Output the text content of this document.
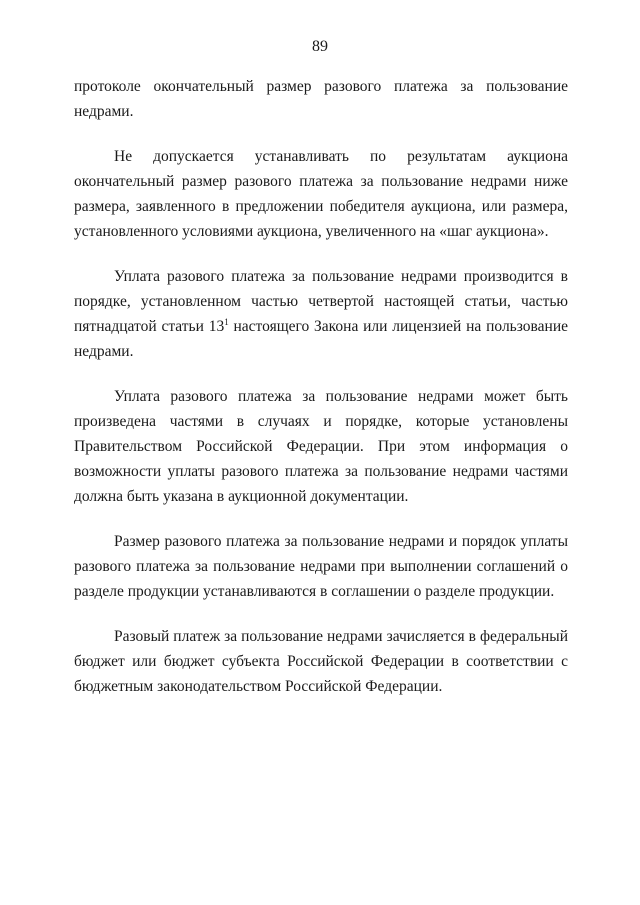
89

протоколе окончательный размер разового платежа за пользование недрами.

Не допускается устанавливать по результатам аукциона окончательный размер разового платежа за пользование недрами ниже размера, заявленного в предложении победителя аукциона, или размера, установленного условиями аукциона, увеличенного на «шаг аукциона».

Уплата разового платежа за пользование недрами производится в порядке, установленном частью четвертой настоящей статьи, частью пятнадцатой статьи $13^1$ настоящего Закона или лицензией на пользование недрами.

Уплата разового платежа за пользование недрами может быть произведена частями в случаях и порядке, которые установлены Правительством Российской Федерации. При этом информация о возможности уплаты разового платежа за пользование недрами частями должна быть указана в аукционной документации.

Размер разового платежа за пользование недрами и порядок уплаты разового платежа за пользование недрами при выполнении соглашений о разделе продукции устанавливаются в соглашении о разделе продукции.

Разовый платеж за пользование недрами зачисляется в федеральный бюджет или бюджет субъекта Российской Федерации в соответствии с бюджетным законодательством Российской Федерации.
